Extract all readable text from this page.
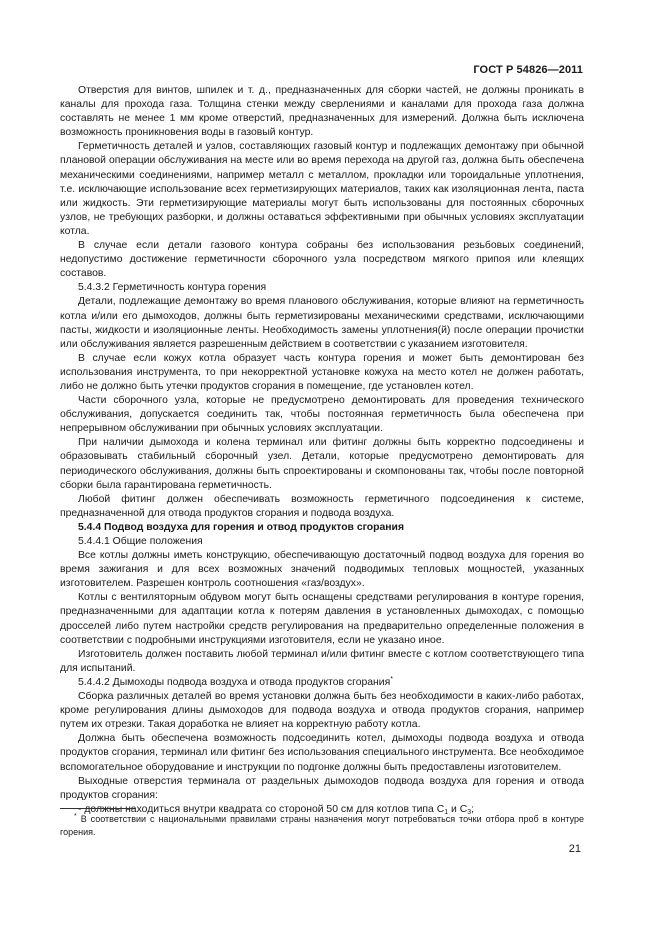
ГОСТ Р 54826—2011

Отверстия для винтов, шпилек и т. д., предназначенных для сборки частей, не должны проникать в каналы для прохода газа. Толщина стенки между сверлениями и каналами для прохода газа должна составлять не менее 1 мм кроме отверстий, предназначенных для измерений. Должна быть исключена возможность проникновения воды в газовый контур.

Герметичность деталей и узлов, составляющих газовый контур и подлежащих демонтажу при обычной плановой операции обслуживания на месте или во время перехода на другой газ, должна быть обеспечена механическими соединениями, например металл с металлом, прокладки или тороидальные уплотнения, т.е. исключающие использование всех герметизирующих материалов, таких как изоляционная лента, паста или жидкость. Эти герметизирующие материалы могут быть использованы для постоянных сборочных узлов, не требующих разборки, и должны оставаться эффективными при обычных условиях эксплуатации котла.

В случае если детали газового контура собраны без использования резьбовых соединений, недопустимо достижение герметичности сборочного узла посредством мягкого припоя или клеящих составов.

5.4.3.2 Герметичность контура горения

Детали, подлежащие демонтажу во время планового обслуживания, которые влияют на герметичность котла и/или его дымоходов, должны быть герметизированы механическими средствами, исключающими пасты, жидкости и изоляционные ленты. Необходимость замены уплотнения(й) после операции прочистки или обслуживания является разрешенным действием в соответствии с указанием изготовителя.

В случае если кожух котла образует часть контура горения и может быть демонтирован без использования инструмента, то при некорректной установке кожуха на место котел не должен работать, либо не должно быть утечки продуктов сгорания в помещение, где установлен котел.

Части сборочного узла, которые не предусмотрено демонтировать для проведения технического обслуживания, допускается соединить так, чтобы постоянная герметичность была обеспечена при непрерывном обслуживании при обычных условиях эксплуатации.

При наличии дымохода и колена терминал или фитинг должны быть корректно подсоединены и образовывать стабильный сборочный узел. Детали, которые предусмотрено демонтировать для периодического обслуживания, должны быть спроектированы и скомпонованы так, чтобы после повторной сборки была гарантирована герметичность.

Любой фитинг должен обеспечивать возможность герметичного подсоединения к системе, предназначенной для отвода продуктов сгорания и подвода воздуха.

5.4.4 Подвод воздуха для горения и отвод продуктов сгорания

5.4.4.1 Общие положения

Все котлы должны иметь конструкцию, обеспечивающую достаточный подвод воздуха для горения во время зажигания и для всех возможных значений подводимых тепловых мощностей, указанных изготовителем. Разрешен контроль соотношения «газ/воздух».

Котлы с вентиляторным обдувом могут быть оснащены средствами регулирования в контуре горения, предназначенными для адаптации котла к потерям давления в установленных дымоходах, с помощью дросселей либо путем настройки средств регулирования на предварительно определенные положения в соответствии с подробными инструкциями изготовителя, если не указано иное.

Изготовитель должен поставить любой терминал и/или фитинг вместе с котлом соответствующего типа для испытаний.

5.4.4.2 Дымоходы подвода воздуха и отвода продуктов сгорания*

Сборка различных деталей во время установки должна быть без необходимости в каких-либо работах, кроме регулирования длины дымоходов для подвода воздуха и отвода продуктов сгорания, например путем их отрезки. Такая доработка не влияет на корректную работу котла.

Должна быть обеспечена возможность подсоединить котел, дымоходы подвода воздуха и отвода продуктов сгорания, терминал или фитинг без использования специального инструмента. Все необходимое вспомогательное оборудование и инструкции по подгонке должны быть предоставлены изготовителем.

Выходные отверстия терминала от раздельных дымоходов подвода воздуха для горения и отвода продуктов сгорания:

- должны находиться внутри квадрата со стороной 50 см для котлов типа $C_1$ и $C_3$;

* В соответствии с национальными правилами страны назначения могут потребоваться точки отбора проб в контуре горения.
21
